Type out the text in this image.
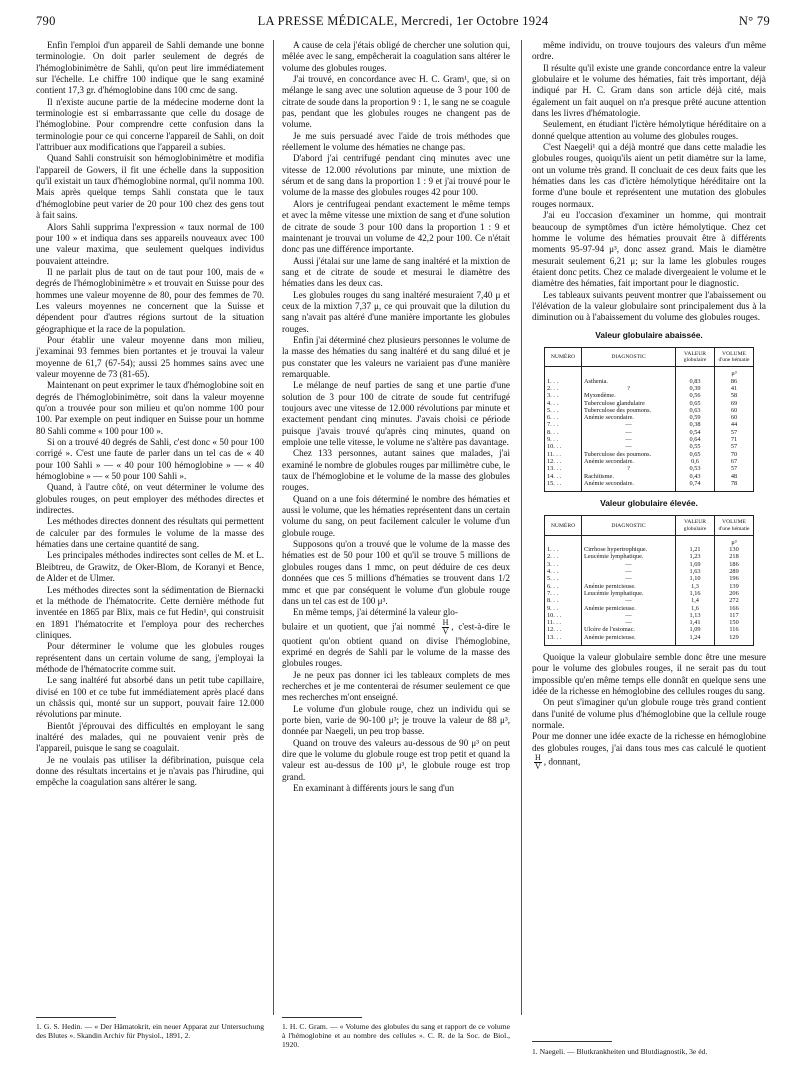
790	LA PRESSE MÉDICALE, Mercredi, 1er Octobre 1924	N° 79

Enfin l'emploi d'un appareil de Sahli demande une bonne terminologie. On doit parler seulement de degrés de l'hémoglobinimètre de Sahli, qu'on peut lire immédiatement sur l'échelle. Le chiffre 100 indique que le sang examiné contient 17,3 gr. d'hémoglobine dans 100 cmc de sang.

Il n'existe aucune partie de la médecine moderne dont la terminologie est si embarrassante que celle du dosage de l'hémoglobine. Pour comprendre cette confusion dans la terminologie pour ce qui concerne l'appareil de Sahli, on doit l'attribuer aux modifications que l'appareil a subies.

Quand Sahli construisit son hémoglobinimètre et modifia l'appareil de Gowers, il fit une échelle dans la supposition qu'il existait un taux d'hémoglobine normal, qu'il nomma 100. Mais après quelque temps Sahli constata que le taux d'hémoglobine peut varier de 20 pour 100 chez des gens tout à fait sains.

Alors Sahli supprima l'expression « taux normal de 100 pour 100 » et indiqua dans ses appareils nouveaux avec 100 une valeur maxima, que seulement quelques individus pouvaient atteindre.

Il ne parlait plus de taut on de taut pour 100, mais de « degrés de l'hémoglobinimètre » et trouvait en Suisse pour des hommes une valeur moyenne de 80, pour des femmes de 70. Les valeurs moyennes ne concernent que la Suisse et dépendent pour d'autres régions surtout de la situation géographique et la race de la population.

Pour établir une valeur moyenne dans mon milieu, j'examinai 93 femmes bien portantes et je trouvai la valeur moyenne de 61,7 (67-54); aussi 25 hommes sains avec une valeur moyenne de 73 (81-65).

Maintenant on peut exprimer le taux d'hémoglobine soit en degrés de l'hémoglobinimètre, soit dans la valeur moyenne qu'on a trouvée pour son milieu et qu'on nomme 100 pour 100. Par exemple on peut indiquer en Suisse pour un homme 80 Sahli comme « 100 pour 100 ».

Si on a trouvé 40 degrés de Sahli, c'est donc « 50 pour 100 corrigé ». C'est une faute de parler dans un tel cas de « 40 pour 100 Sahli » — « 40 pour 100 hémoglobine » — « 40 hémoglobine » — « 50 pour 100 Sahli ».

Quand, à l'autre côté, on veut déterminer le volume des globules rouges, on peut employer des méthodes directes et indirectes.

Les méthodes directes donnent des résultats qui permettent de calculer par des formules le volume de la masse des hématies dans une certaine quantité de sang.

Les principales méthodes indirectes sont celles de M. et L. Bleibtreu, de Grawitz, de Oker-Blom, de Koranyi et Bence, de Alder et de Ulmer.

Les méthodes directes sont la sédimentation de Biernacki et la méthode de l'hématocrite. Cette dernière méthode fut inventée en 1865 par Blix, mais ce fut Hedin¹, qui construisit en 1891 l'hématocrite et l'employa pour des recherches cliniques.

Pour déterminer le volume que les globules rouges représentent dans un certain volume de sang, j'employai la méthode de l'hématocrite comme suit.

Le sang inaltéré fut absorbé dans un petit tube capillaire, divisé en 100 et ce tube fut immédiatement après placé dans un châssis qui, monté sur un support, pouvait faire 12.000 révolutions par minute.

Bientôt j'éprouvai des difficultés en employant le sang inaltéré des malades, qui ne pouvaient venir près de l'appareil, puisque le sang se coagulait.

Je ne voulais pas utiliser la défibrination, puisque cela donne des résultats incertains et je n'avais pas l'hirudine, qui empêche la coagulation sans altérer le sang.

1. G. S. Hedin. — « Der Hämatokrit, ein neuer Apparat zur Untersuchung des Blutes ». Skandin Archiv für Physiol., 1891, 2.

A cause de cela j'étais obligé de chercher une solution qui, mêlée avec le sang, empêcherait la coagulation sans altérer le volume des globules rouges.

J'ai trouvé, en concordance avec H. C. Gram¹, que, si on mélange le sang avec une solution aqueuse de 3 pour 100 de citrate de soude dans la proportion 9 : 1, le sang ne se coagule pas, pendant que les globules rouges ne changent pas de volume.

Je me suis persuadé avec l'aide de trois méthodes que réellement le volume des hématies ne change pas.

D'abord j'ai centrifugé pendant cinq minutes avec une vitesse de 12.000 révolutions par minute, une mixtion de sérum et de sang dans la proportion 1 : 9 et j'ai trouvé pour le volume de la masse des globules rouges 42 pour 100.

Alors je centrifugeai pendant exactement le même temps et avec la même vitesse une mixtion de sang et d'une solution de citrate de soude 3 pour 100 dans la proportion 1 : 9 et maintenant je trouvai un volume de 42,2 pour 100. Ce n'était donc pas une différence importante.

Aussi j'étalai sur une lame de sang inaltéré et la mixtion de sang et de citrate de soude et mesurai le diamètre des hématies dans les deux cas.

Les globules rouges du sang inaltéré mesuraient 7,40 μ et ceux de la mixtion 7,37 μ, ce qui prouvait que la dilution du sang n'avait pas altéré d'une manière importante les globules rouges.

Enfin j'ai déterminé chez plusieurs personnes le volume de la masse des hématies du sang inaltéré et du sang dilué et je pus constater que les valeurs ne variaient pas d'une manière remarquable.

Le mélange de neuf parties de sang et une partie d'une solution de 3 pour 100 de citrate de soude fut centrifugé toujours avec une vitesse de 12.000 révolutions par minute et exactement pendant cinq minutes. J'avais choisi ce période puisque j'avais trouvé qu'après cinq minutes, quand on emploie une telle vitesse, le volume ne s'altère pas davantage.

Chez 133 personnes, autant saines que malades, j'ai examiné le nombre de globules rouges par millimètre cube, le taux de l'hémoglobine et le volume de la masse des globules rouges.

Quand on a une fois déterminé le nombre des hématies et aussi le volume, que les hématies représentent dans un certain volume du sang, on peut facilement calculer le volume d'un globule rouge.

Supposons qu'on a trouvé que le volume de la masse des hématies est de 50 pour 100 et qu'il se trouve 5 millions de globules rouges dans 1 mmc, on peut déduire de ces deux données que ces 5 millions d'hématies se trouvent dans 1/2 mmc et que par conséquent le volume d'un globule rouge dans un tel cas est de 100 μ³.

En même temps, j'ai déterminé la valeur glo-

bulaire et un quotient, que j'ai nommé $\frac{H}{V}$ , c'est-à-dire le quotient qu'on obtient quand on divise l'hémoglobine, exprimé en degrés de Sahli par le volume de la masse des globules rouges.

Je ne peux pas donner ici les tableaux complets de mes recherches et je me contenterai de résumer seulement ce que mes recherches m'ont enseigné.

Le volume d'un globule rouge, chez un individu qui se porte bien, varie de 90-100 μ³; je trouve la valeur de 88 μ³, donnée par Naegeli, un peu trop basse.

Quand on trouve des valeurs au-dessous de 90 μ³ on peut dire que le volume du globule rouge est trop petit et quand la valeur est au-dessus de 100 μ³, le globule rouge est trop grand.

En examinant à différents jours le sang d'un

1. H. C. Gram. — « Volume des globules du sang et rapport de ce volume à l'hémoglobine et au nombre des cellules ». C. R. de la Soc. de Biol., 1920.

même individu, on trouve toujours des valeurs d'un même ordre.

Il résulte qu'il existe une grande concordance entre la valeur globulaire et le volume des hématies, fait très important, déjà indiqué par H. C. Gram dans son article déjà cité, mais également un fait auquel on n'a presque prêté aucune attention dans les livres d'hématologie.

Seulement, en étudiant l'ictère hémolytique héréditaire on a donné quelque attention au volume des globules rouges.

C'est Naegeli¹ qui a déjà montré que dans cette maladie les globules rouges, quoiqu'ils aient un petit diamètre sur la lame, ont un volume très grand. Il concluait de ces deux faits que les hématies dans les cas d'ictère hémolytique héréditaire ont la forme d'une boule et représentent une mutation des globules rouges normaux.

J'ai eu l'occasion d'examiner un homme, qui montrait beaucoup de symptômes d'un ictère hémolytique. Chez cet homme le volume des hématies prouvait être à différents moments 95-97-94 μ³, donc assez grand. Mais le diamètre mesurait seulement 6,21 μ; sur la lame les globules rouges étaient donc petits. Chez ce malade divergeaient le volume et le diamètre des hématies, fait important pour le diagnostic.

Les tableaux suivants peuvent montrer que l'abaissement ou l'élévation de la valeur globulaire sont principalement dus à la diminution ou à l'abaissement du volume des globules rouges.

Valeur globulaire abaissée.
NUMÉRO	DIAGNOSTIC	VALEUR globulaire	VOLUME d'une hématie
			μ³
1. . .	Asthenia.	0,83	86
2. . .	?	0,39	41
3. . .	Myxœdème.	0,56	58
4. . .	Tuberculose glandulaire	0,65	69
5. . .	Tuberculose des poumons.	0,63	60
6. . .	Anémie secondaire.	0,59	60
7. . .	—	0,38	44
8. . .	—	0,54	57
9. . .	—	0,64	71
10. . .	—	0,55	57
11. . .	Tuberculose des poumons.	0,65	70
12. . .	Anémie secondaire.	0,6	67
13. . .	?	0,53	57
14. . .	Rachitisme.	0,43	48
15. . .	Anémie secondaire.	0,74	78
Valeur globulaire élevée.
NUMÉRO	DIAGNOSTIC	VALEUR globulaire	VOLUME d'une hématie
			μ³
1. . .	Cirrhose hypertrophique.	1,21	130
2. . .	Leucémie lymphatique.	1,23	218
3. . .	—	1,69	186
4. . .	—	1,63	289
5. . .	—	1,10	196
6. . .	Anémie pernicieuse.	1,3	139
7. . .	Leucémie lymphatique.	1,16	206
8. . .	—	1,4	272
9. . .	Anémie pernicieuse.	1,6	166
10. . .	—	1,13	117
11. . .	—	1,41	150
12. . .	Ulcère de l'estomac.	1,09	116
13. . .	Anémie pernicieuse.	1,24	129

Quoique la valeur globulaire semble donc être une mesure pour le volume des globules rouges, il ne serait pas du tout impossible qu'en même temps elle donnât en quelque sens une idée de la richesse en hémoglobine des cellules rouges du sang.

On peut s'imaginer qu'un globule rouge très grand contient dans l'unité de volume plus d'hémoglobine que la cellule rouge normale.

Pour me donner une idée exacte de la richesse en hémoglobine des globules rouges, j'ai dans tous mes cas calculé le quotient
$\frac{H}{V}$ , donnant,

1. Naegeli. — Blutkrankheiten und Blutdiagnostik, 3e éd.
